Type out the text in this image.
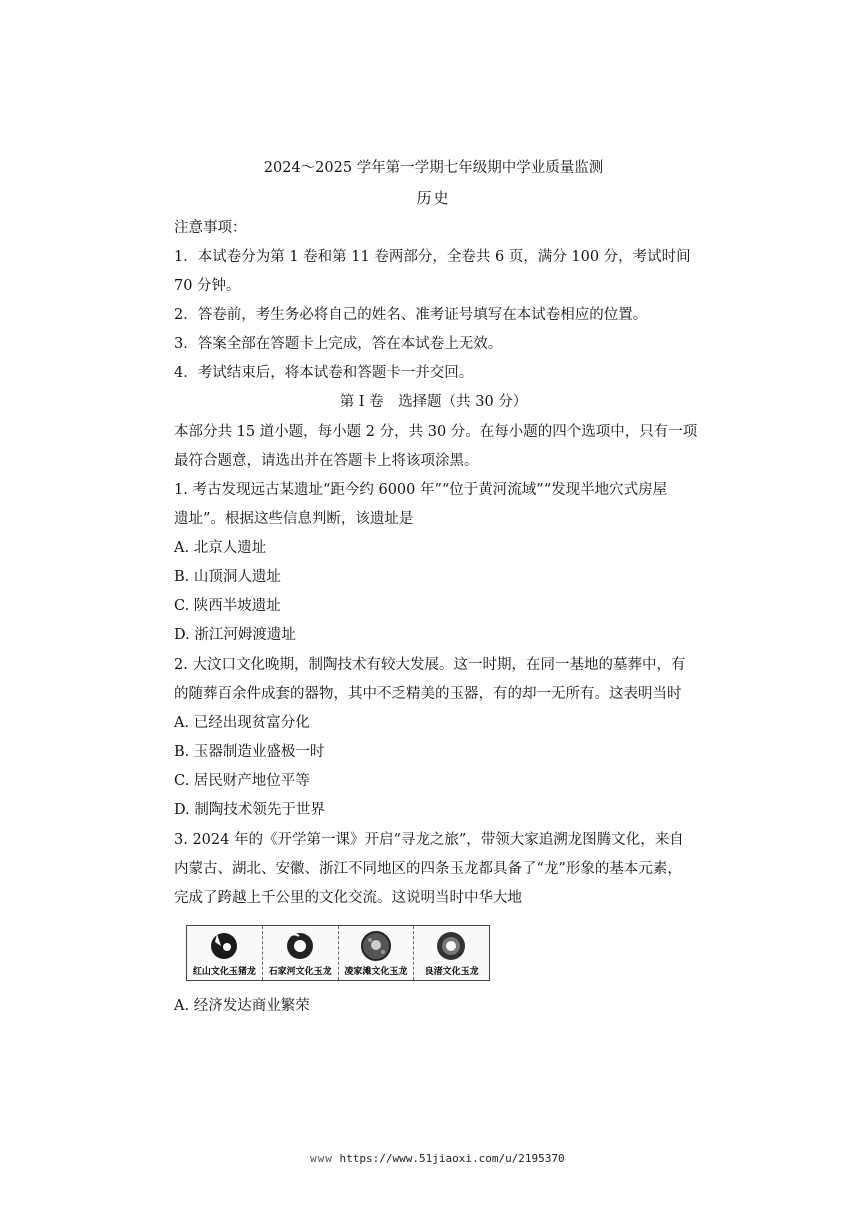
2024～2025 学年第一学期七年级期中学业质量监测
历史
注意事项：
1．本试卷分为第 1 卷和第 11 卷两部分，全卷共 6 页，满分 100 分，考试时间
70 分钟。
2．答卷前，考生务必将自己的姓名、准考证号填写在本试卷相应的位置。
3．答案全部在答题卡上完成，答在本试卷上无效。
4．考试结束后，将本试卷和答题卡一并交回。
第 I 卷　选择题（共 30 分）
本部分共 15 道小题，每小题 2 分，共 30 分。在每小题的四个选项中，只有一项
最符合题意，请选出并在答题卡上将该项涂黑。
1. 考古发现远古某遗址“距今约 6000 年”“位于黄河流域”“发现半地穴式房屋
遗址”。根据这些信息判断，该遗址是
A. 北京人遗址
B. 山顶洞人遗址
C. 陕西半坡遗址
D. 浙江河姆渡遗址
2. 大汶口文化晚期，制陶技术有较大发展。这一时期，在同一基地的墓葬中，有
的随葬百余件成套的器物，其中不乏精美的玉器，有的却一无所有。这表明当时
A. 已经出现贫富分化
B. 玉器制造业盛极一时
C. 居民财产地位平等
D. 制陶技术领先于世界
3. 2024 年的《开学第一课》开启“寻龙之旅”，带领大家追溯龙图腾文化，来自
内蒙古、湖北、安徽、浙江不同地区的四条玉龙都具备了“龙”形象的基本元素，
完成了跨越上千公里的文化交流。这说明当时中华大地
红山文化玉猪龙	石家河文化玉龙	凌家滩文化玉龙	良渚文化玉龙
A. 经济发达商业繁荣
www https://www.51jiaoxi.com/u/2195370
